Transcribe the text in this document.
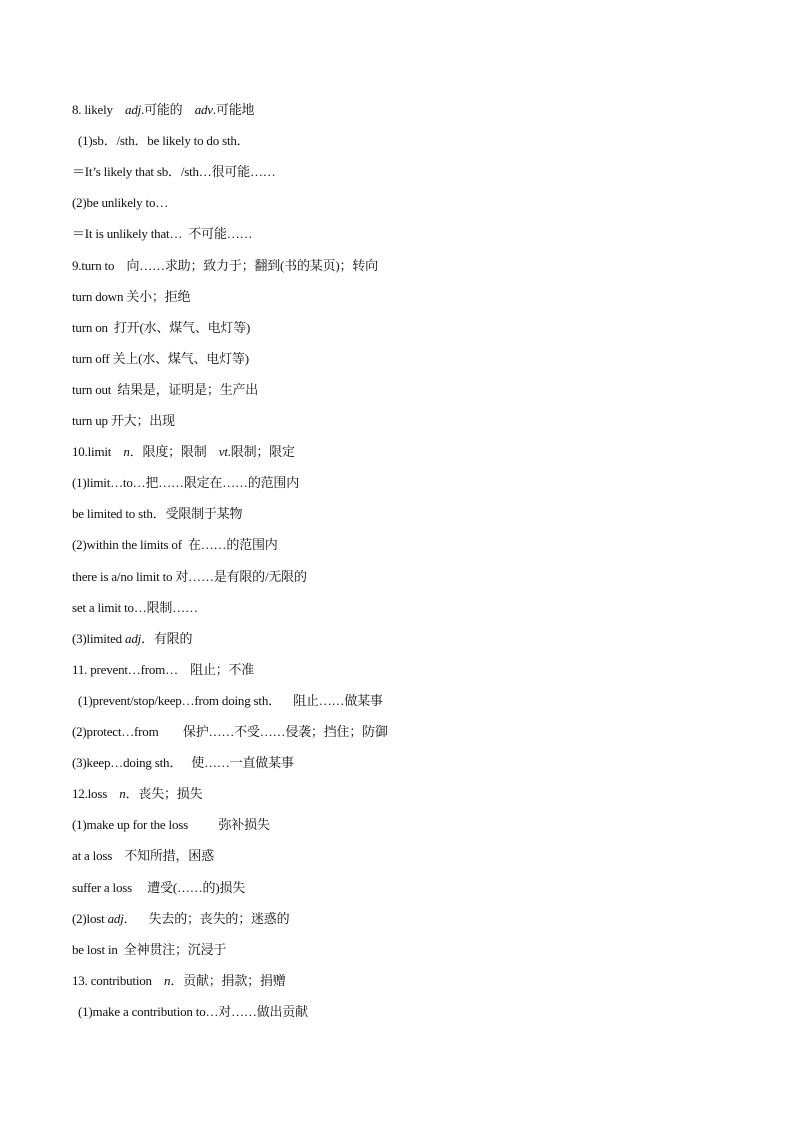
8. likely    adj.可能的    adv.可能地
(1)sb．/sth．be likely to do sth．
＝It’s likely that sb．/sth…很可能……
(2)be unlikely to…
＝It is unlikely that…  不可能……
9.turn to    向……求助；致力于；翻到(书的某页)；转向
turn down 关小；拒绝
turn on  打开(水、煤气、电灯等)
turn off 关上(水、煤气、电灯等)
turn out  结果是，证明是；生产出
turn up 开大；出现
10.limit    n．限度；限制    vt.限制；限定
(1)limit…to…把……限定在……的范围内
be limited to sth．受限制于某物
(2)within the limits of  在……的范围内
there is a/no limit to 对……是有限的/无限的
set a limit to…限制……
(3)limited adj．有限的
11. prevent…from…    阻止；不准
(1)prevent/stop/keep…from doing sth．    阻止……做某事
(2)protect…from        保护……不受……侵袭；挡住；防御
(3)keep…doing sth．   使……一直做某事
12.loss    n．丧失；损失
(1)make up for the loss          弥补损失
at a loss    不知所措，困惑
suffer a loss     遭受(……的)损失
(2)lost adj．    失去的；丧失的；迷惑的
be lost in  全神贯注；沉浸于
13. contribution    n．贡献；捐款；捐赠
(1)make a contribution to…对……做出贡献
